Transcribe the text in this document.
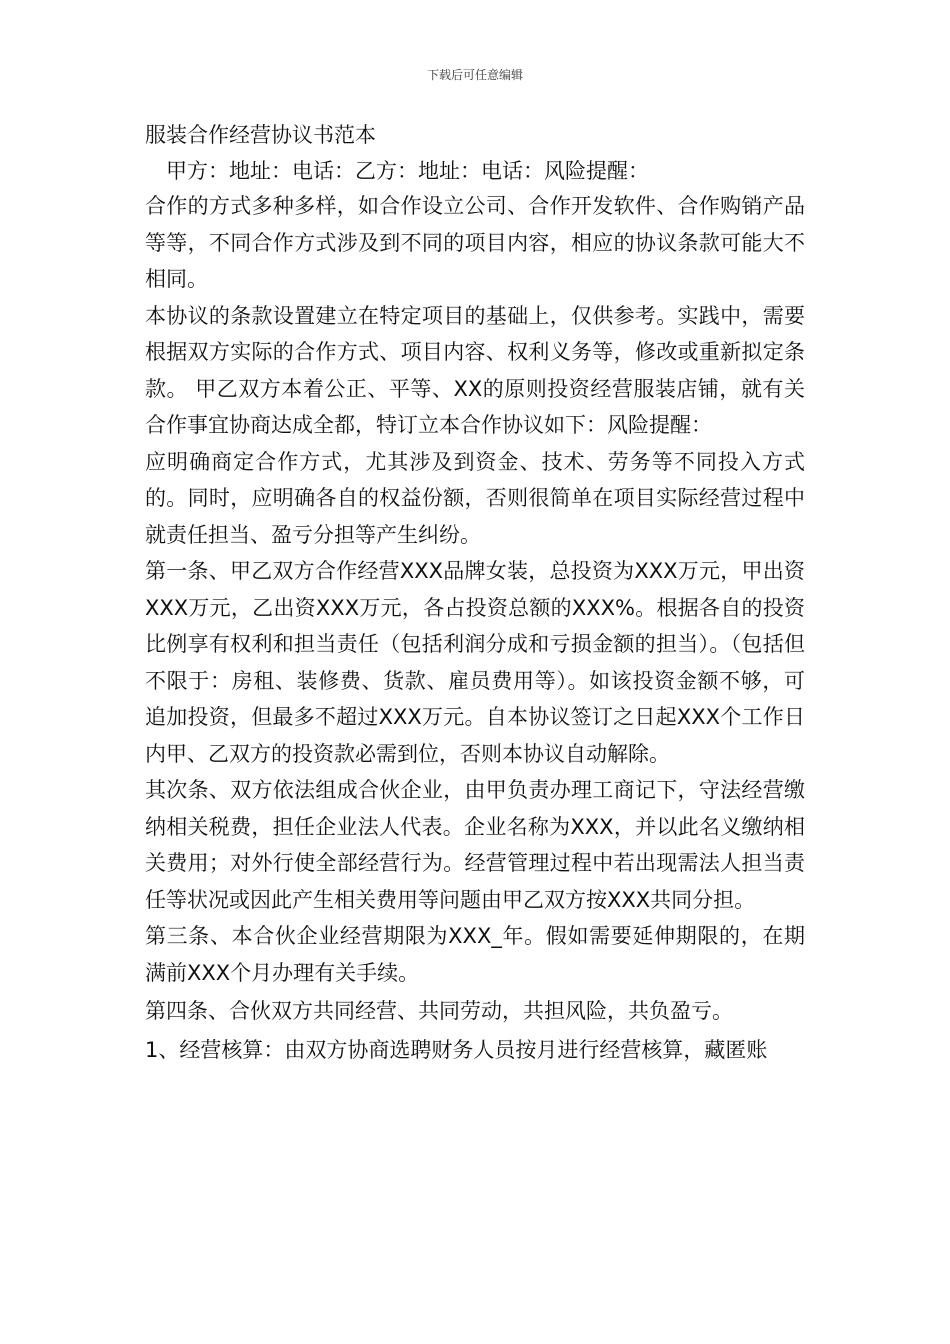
下载后可任意编辑
服装合作经营协议书范本

甲方：地址：电话：乙方：地址：电话：风险提醒：

合作的方式多种多样，如合作设立公司、合作开发软件、合作购销产品等等，不同合作方式涉及到不同的项目内容，相应的协议条款可能大不相同。

本协议的条款设置建立在特定项目的基础上，仅供参考。实践中，需要根据双方实际的合作方式、项目内容、权利义务等，修改或重新拟定条款。 甲乙双方本着公正、平等、XX的原则投资经营服装店铺，就有关合作事宜协商达成全都，特订立本合作协议如下：风险提醒：

应明确商定合作方式，尤其涉及到资金、技术、劳务等不同投入方式的。同时，应明确各自的权益份额，否则很简单在项目实际经营过程中就责任担当、盈亏分担等产生纠纷。

第一条、甲乙双方合作经营XXX品牌女装，总投资为XXX万元，甲出资XXX万元，乙出资XXX万元，各占投资总额的XXX%。根据各自的投资比例享有权利和担当责任（包括利润分成和亏损金额的担当）。（包括但不限于：房租、装修费、货款、雇员费用等）。如该投资金额不够，可追加投资，但最多不超过XXX万元。自本协议签订之日起XXX个工作日内甲、乙双方的投资款必需到位，否则本协议自动解除。

其次条、双方依法组成合伙企业，由甲负责办理工商记下，守法经营缴纳相关税费，担任企业法人代表。企业名称为XXX，并以此名义缴纳相关费用；对外行使全部经营行为。经营管理过程中若出现需法人担当责任等状况或因此产生相关费用等问题由甲乙双方按XXX共同分担。

第三条、本合伙企业经营期限为XXX_年。假如需要延伸期限的，在期满前XXX个月办理有关手续。

第四条、合伙双方共同经营、共同劳动，共担风险，共负盈亏。

1、经营核算：由双方协商选聘财务人员按月进行经营核算，藏匿账
